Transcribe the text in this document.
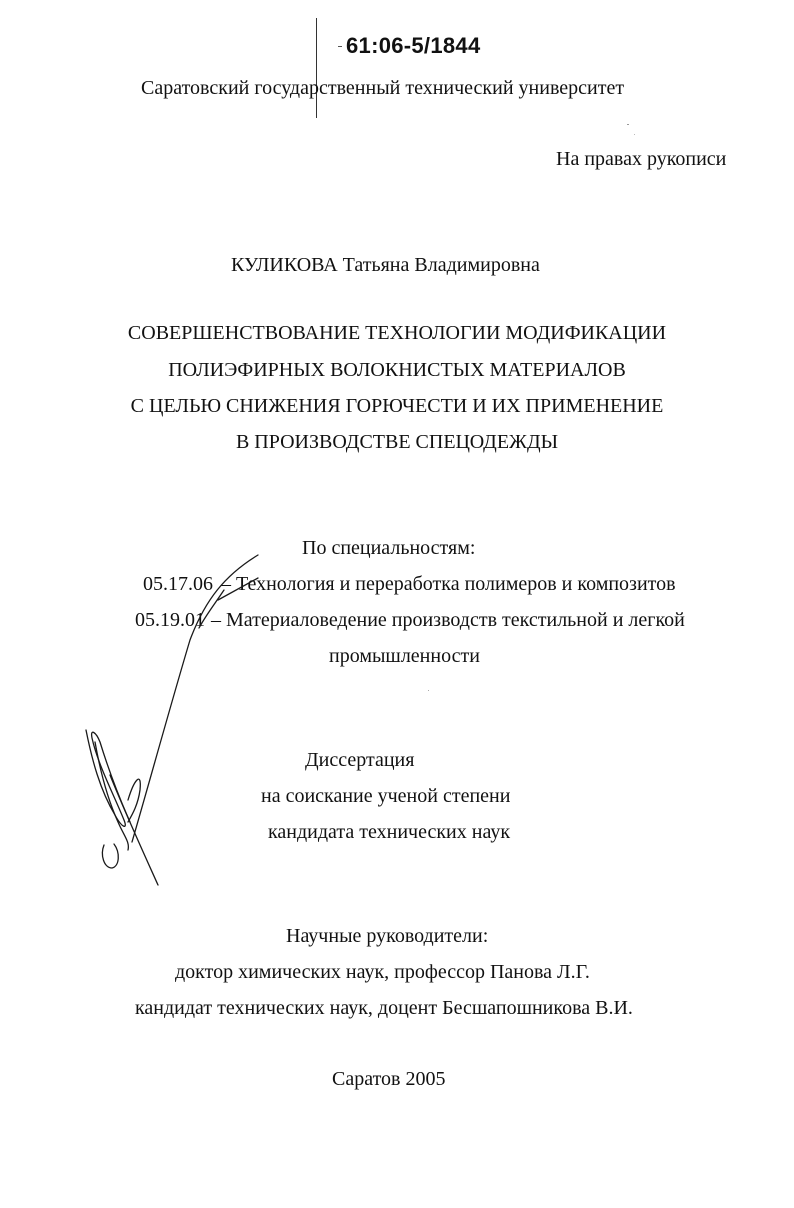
61:06-5/1844
Саратовский государственный технический университет
На правах рукописи
КУЛИКОВА Татьяна Владимировна
СОВЕРШЕНСТВОВАНИЕ ТЕХНОЛОГИИ МОДИФИКАЦИИ
ПОЛИЭФИРНЫХ ВОЛОКНИСТЫХ МАТЕРИАЛОВ
С ЦЕЛЬЮ СНИЖЕНИЯ ГОРЮЧЕСТИ И ИХ ПРИМЕНЕНИЕ
В ПРОИЗВОДСТВЕ СПЕЦОДЕЖДЫ
По специальностям:
05.17.06 – Технология и переработка полимеров и композитов
05.19.01 – Материаловедение производств текстильной и легкой
промышленности
Диссертация
на соискание ученой степени
кандидата технических наук
Научные руководители:
доктор химических наук, профессор Панова Л.Г.
кандидат технических наук, доцент Бесшапошникова В.И.
Саратов 2005
